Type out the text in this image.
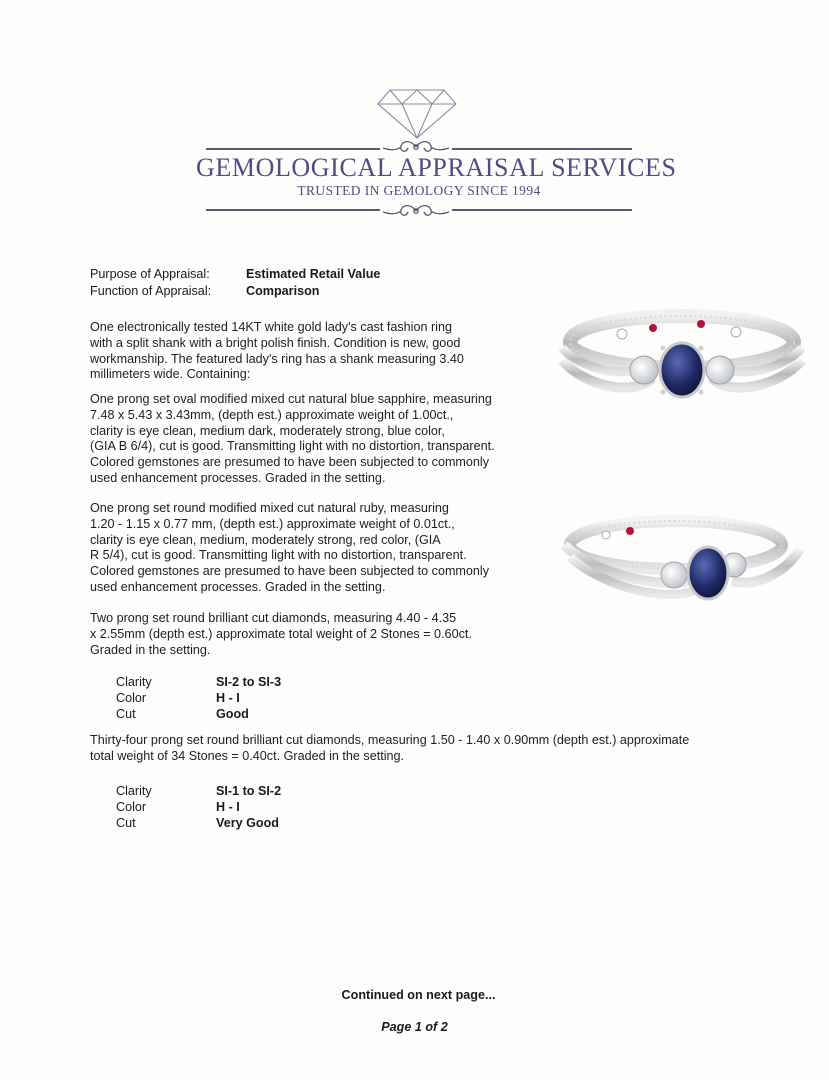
GEMOLOGICAL APPRAISAL SERVICES
TRUSTED IN GEMOLOGY SINCE 1994
Purpose of Appraisal:	Estimated Retail Value
Function of Appraisal:	Comparison
One electronically tested 14KT white gold lady's cast fashion ring
with a split shank with a bright polish finish. Condition is new, good
workmanship. The featured lady's ring has a shank measuring 3.40
millimeters wide. Containing:
One prong set oval modified mixed cut natural blue sapphire, measuring
7.48 x 5.43 x 3.43mm, (depth est.) approximate weight of 1.00ct.,
clarity is eye clean, medium dark, moderately strong, blue color,
(GIA B 6/4), cut is good. Transmitting light with no distortion, transparent.
Colored gemstones are presumed to have been subjected to commonly
used enhancement processes. Graded in the setting.
One prong set round modified mixed cut natural ruby, measuring
1.20 - 1.15 x 0.77 mm, (depth est.) approximate weight of 0.01ct.,
clarity is eye clean, medium, moderately strong, red color, (GIA
R 5/4), cut is good. Transmitting light with no distortion, transparent.
Colored gemstones are presumed to have been subjected to commonly
used enhancement processes. Graded in the setting.
Two prong set round brilliant cut diamonds, measuring 4.40 - 4.35
x 2.55mm (depth est.) approximate total weight of 2 Stones = 0.60ct.
Graded in the setting.
Clarity	SI-2 to SI-3
Color	H - I
Cut	Good
Thirty-four prong set round brilliant cut diamonds, measuring 1.50 - 1.40 x 0.90mm (depth est.) approximate
total weight of 34 Stones = 0.40ct. Graded in the setting.
Clarity	SI-1 to SI-2
Color	H - I
Cut	Very Good
Continued on next page...
Page 1 of 2
